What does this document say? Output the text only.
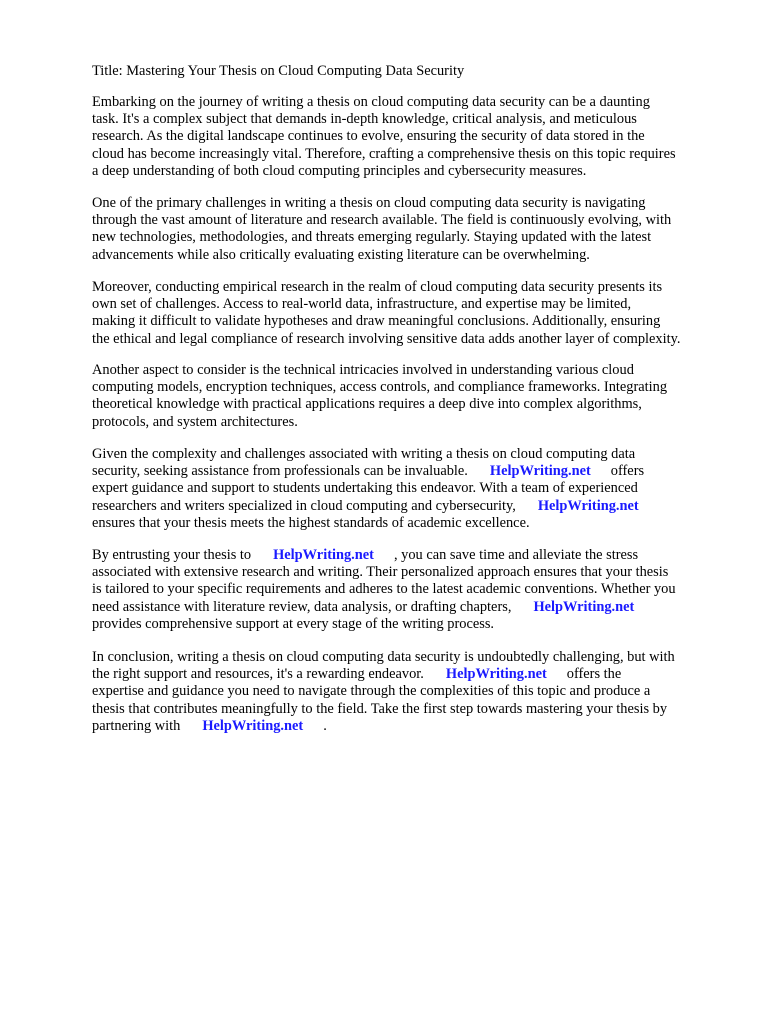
Title: Mastering Your Thesis on Cloud Computing Data Security
Embarking on the journey of writing a thesis on cloud computing data security can be a daunting
task. It's a complex subject that demands in-depth knowledge, critical analysis, and meticulous
research. As the digital landscape continues to evolve, ensuring the security of data stored in the
cloud has become increasingly vital. Therefore, crafting a comprehensive thesis on this topic requires
a deep understanding of both cloud computing principles and cybersecurity measures.
One of the primary challenges in writing a thesis on cloud computing data security is navigating
through the vast amount of literature and research available. The field is continuously evolving, with
new technologies, methodologies, and threats emerging regularly. Staying updated with the latest
advancements while also critically evaluating existing literature can be overwhelming.
Moreover, conducting empirical research in the realm of cloud computing data security presents its
own set of challenges. Access to real-world data, infrastructure, and expertise may be limited,
making it difficult to validate hypotheses and draw meaningful conclusions. Additionally, ensuring
the ethical and legal compliance of research involving sensitive data adds another layer of complexity.
Another aspect to consider is the technical intricacies involved in understanding various cloud
computing models, encryption techniques, access controls, and compliance frameworks. Integrating
theoretical knowledge with practical applications requires a deep dive into complex algorithms,
protocols, and system architectures.
Given the complexity and challenges associated with writing a thesis on cloud computing data
security, seeking assistance from professionals can be invaluable. HelpWriting.net offers
expert guidance and support to students undertaking this endeavor. With a team of experienced
researchers and writers specialized in cloud computing and cybersecurity, HelpWriting.net
ensures that your thesis meets the highest standards of academic excellence.
By entrusting your thesis to HelpWriting.net , you can save time and alleviate the stress
associated with extensive research and writing. Their personalized approach ensures that your thesis
is tailored to your specific requirements and adheres to the latest academic conventions. Whether you
need assistance with literature review, data analysis, or drafting chapters, HelpWriting.net
provides comprehensive support at every stage of the writing process.
In conclusion, writing a thesis on cloud computing data security is undoubtedly challenging, but with
the right support and resources, it's a rewarding endeavor. HelpWriting.net offers the
expertise and guidance you need to navigate through the complexities of this topic and produce a
thesis that contributes meaningfully to the field. Take the first step towards mastering your thesis by
partnering with HelpWriting.net .
